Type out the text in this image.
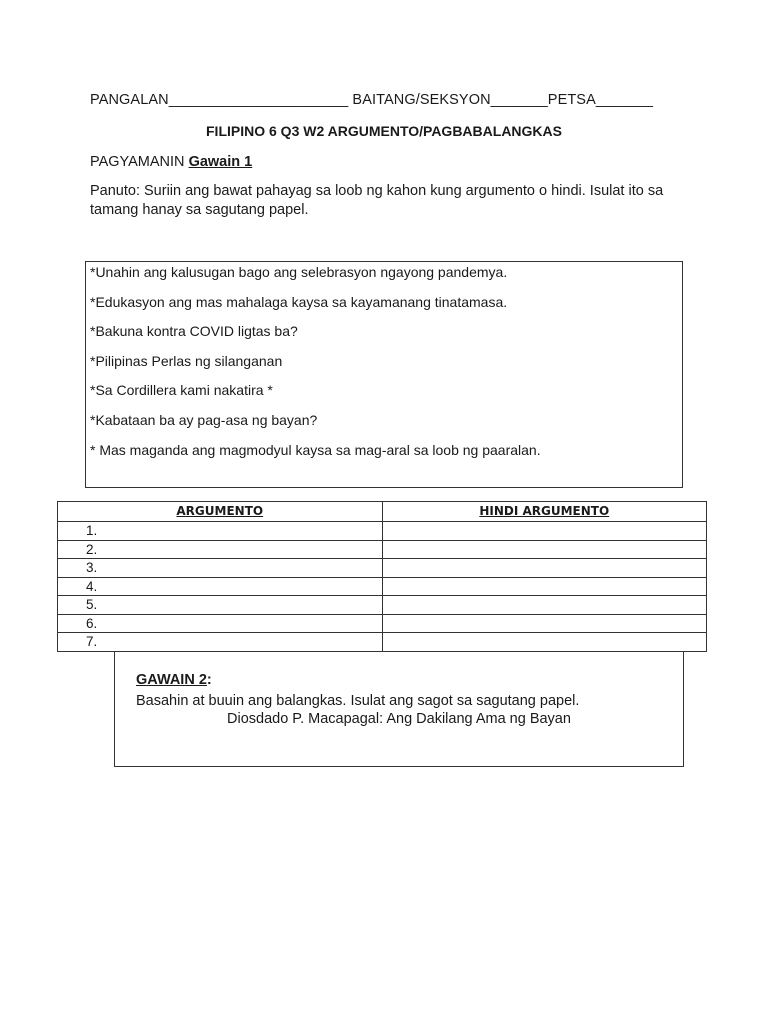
PANGALAN______________________ BAITANG/SEKSYON_______PETSA_______
FILIPINO 6 Q3 W2 ARGUMENTO/PAGBABALANGKAS
PAGYAMANIN Gawain 1
Panuto: Suriin ang bawat pahayag sa loob ng kahon kung argumento o hindi. Isulat ito sa tamang hanay sa sagutang papel.
*Unahin ang kalusugan bago ang selebrasyon ngayong pandemya.
*Edukasyon ang mas mahalaga kaysa sa kayamanang tinatamasa.
*Bakuna kontra COVID ligtas ba?
*Pilipinas Perlas ng silanganan
*Sa Cordillera kami nakatira *
*Kabataan ba ay pag-asa ng bayan?
* Mas maganda ang magmodyul kaysa sa mag-aral sa loob ng paaralan.
ARGUMENTO	HINDI ARGUMENTO
1.	
2.	
3.	
4.	
5.	
6.	
7.	
GAWAIN 2:
Basahin at buuin ang balangkas. Isulat ang sagot sa sagutang papel.
Diosdado P. Macapagal: Ang Dakilang Ama ng Bayan
